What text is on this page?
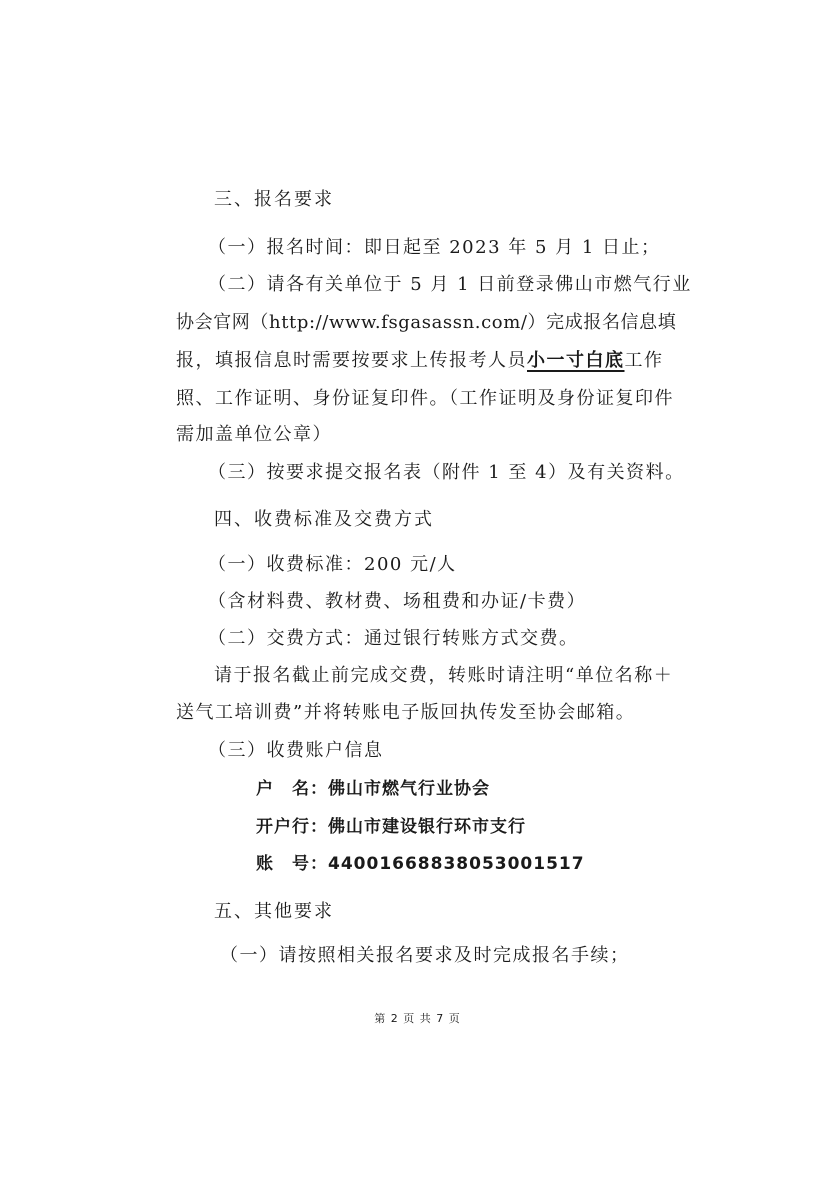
三、报名要求
（一）报名时间：即日起至 2023 年 5 月 1 日止；
（二）请各有关单位于 5 月 1 日前登录佛山市燃气行业
协会官网（http://www.fsgasassn.com/）完成报名信息填
报，填报信息时需要按要求上传报考人员小一寸白底工作
照、工作证明、身份证复印件。（工作证明及身份证复印件
需加盖单位公章）
（三）按要求提交报名表（附件 1 至 4）及有关资料。
四、收费标准及交费方式
（一）收费标准：200 元/人
（含材料费、教材费、场租费和办证/卡费）
（二）交费方式：通过银行转账方式交费。
请于报名截止前完成交费，转账时请注明“单位名称＋
送气工培训费”并将转账电子版回执传发至协会邮箱。
（三）收费账户信息
户　名：佛山市燃气行业协会
开户行：佛山市建设银行环市支行
账　号：44001668838053001517
五、其他要求
（一）请按照相关报名要求及时完成报名手续；
第 2 页 共 7 页
